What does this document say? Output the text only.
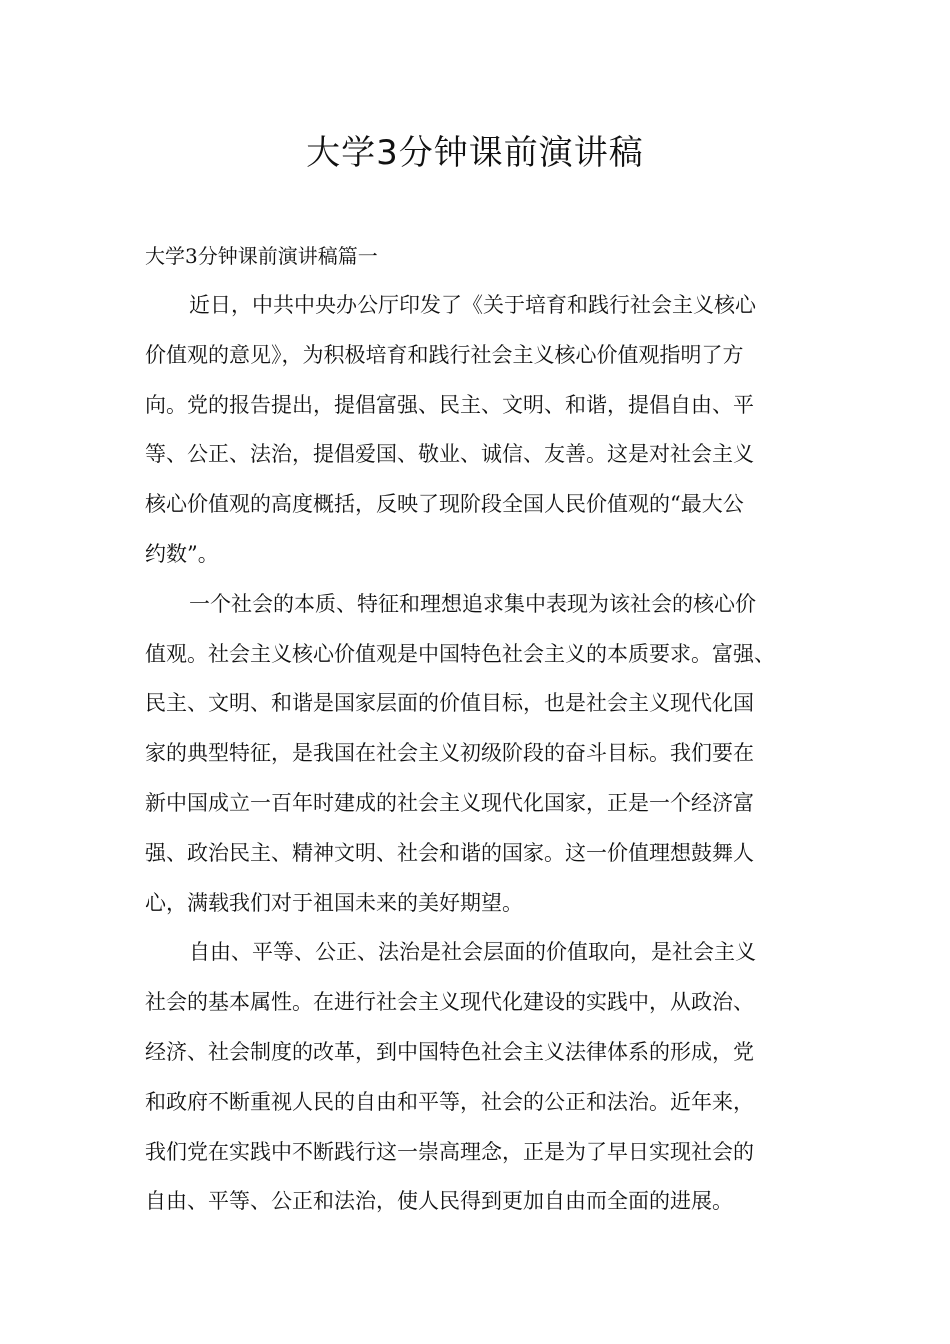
大学3分钟课前演讲稿

大学3分钟课前演讲稿篇一

近日，中共中央办公厅印发了《关于培育和践行社会主义核心
价值观的意见》，为积极培育和践行社会主义核心价值观指明了方
向。党的报告提出，提倡富强、民主、文明、和谐，提倡自由、平
等、公正、法治，提倡爱国、敬业、诚信、友善。这是对社会主义
核心价值观的高度概括，反映了现阶段全国人民价值观的“最大公
约数”。

一个社会的本质、特征和理想追求集中表现为该社会的核心价
值观。社会主义核心价值观是中国特色社会主义的本质要求。富强、
民主、文明、和谐是国家层面的价值目标，也是社会主义现代化国
家的典型特征，是我国在社会主义初级阶段的奋斗目标。我们要在
新中国成立一百年时建成的社会主义现代化国家，正是一个经济富
强、政治民主、精神文明、社会和谐的国家。这一价值理想鼓舞人
心，满载我们对于祖国未来的美好期望。

自由、平等、公正、法治是社会层面的价值取向，是社会主义
社会的基本属性。在进行社会主义现代化建设的实践中，从政治、
经济、社会制度的改革，到中国特色社会主义法律体系的形成，党
和政府不断重视人民的自由和平等，社会的公正和法治。近年来，
我们党在实践中不断践行这一崇高理念，正是为了早日实现社会的
自由、平等、公正和法治，使人民得到更加自由而全面的进展。
